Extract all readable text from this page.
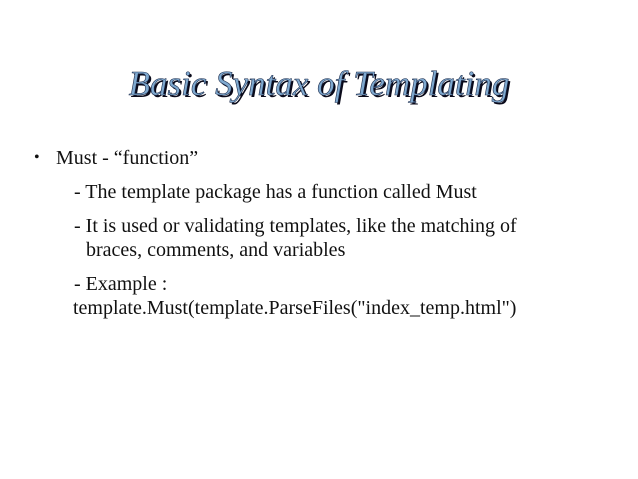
Basic Syntax of Templating
• Must - “function”
- The template package has a function called Must
- It is used or validating templates, like the matching of
braces, comments, and variables
- Example :
template.Must(template.ParseFiles("index_temp.html")
